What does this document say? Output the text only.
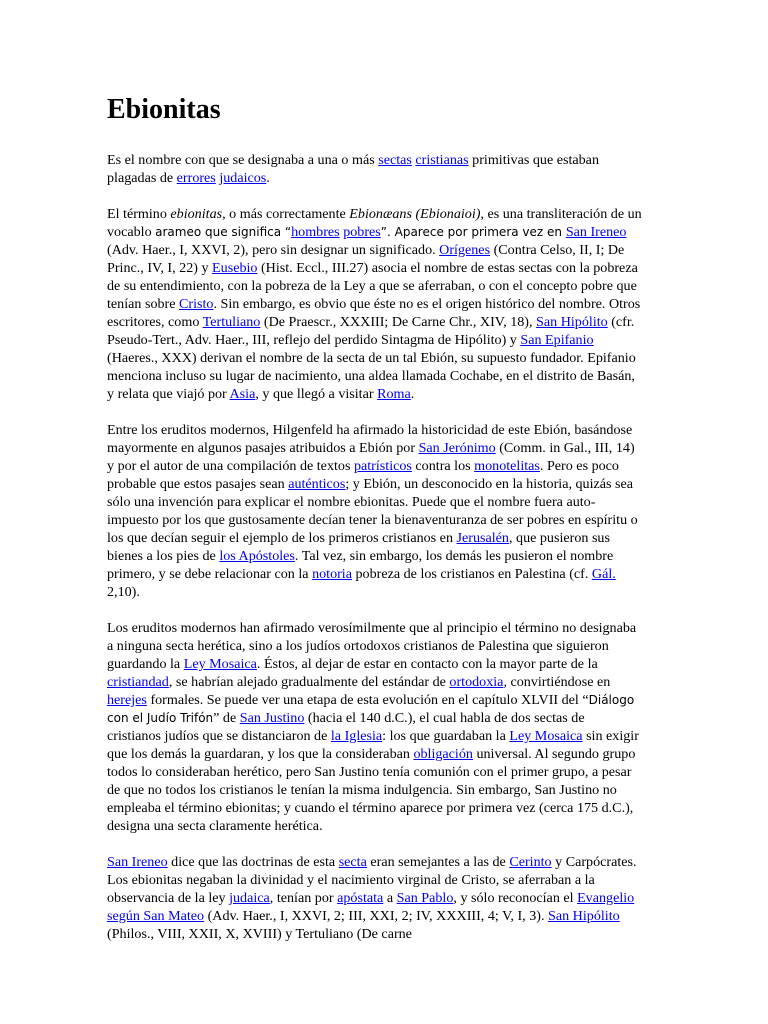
Ebionitas

Es el nombre con que se designaba a una o más sectas cristianas primitivas que estaban plagadas de errores judaicos.

El término ebionitas, o más correctamente Ebionæans (Ebionaioi), es una transliteración de un vocablo arameo que significa “hombres pobres”. Aparece por primera vez en San Ireneo (Adv. Haer., I, XXVI, 2), pero sin designar un significado. Orígenes (Contra Celso, II, I; De Princ., IV, I, 22) y Eusebio (Hist. Eccl., III.27) asocia el nombre de estas sectas con la pobreza de su entendimiento, con la pobreza de la Ley a que se aferraban, o con el concepto pobre que tenían sobre Cristo. Sin embargo, es obvio que éste no es el origen histórico del nombre. Otros escritores, como Tertuliano (De Praescr., XXXIII; De Carne Chr., XIV, 18), San Hipólito (cfr. Pseudo-Tert., Adv. Haer., III, reflejo del perdido Sintagma de Hipólito) y San Epifanio (Haeres., XXX) derivan el nombre de la secta de un tal Ebión, su supuesto fundador. Epifanio menciona incluso su lugar de nacimiento, una aldea llamada Cochabe, en el distrito de Basán, y relata que viajó por Asia, y que llegó a visitar Roma.

Entre los eruditos modernos, Hilgenfeld ha afirmado la historicidad de este Ebión, basándose mayormente en algunos pasajes atribuidos a Ebión por San Jerónimo (Comm. in Gal., III, 14) y por el autor de una compilación de textos patrísticos contra los monotelitas. Pero es poco probable que estos pasajes sean auténticos; y Ebión, un desconocido en la historia, quizás sea sólo una invención para explicar el nombre ebionitas. Puede que el nombre fuera auto-impuesto por los que gustosamente decían tener la bienaventuranza de ser pobres en espíritu o los que decían seguir el ejemplo de los primeros cristianos en Jerusalén, que pusieron sus bienes a los pies de los Apóstoles. Tal vez, sin embargo, los demás les pusieron el nombre primero, y se debe relacionar con la notoria pobreza de los cristianos en Palestina (cf. Gál. 2,10).

Los eruditos modernos han afirmado verosímilmente que al principio el término no designaba a ninguna secta herética, sino a los judíos ortodoxos cristianos de Palestina que siguieron guardando la Ley Mosaica. Éstos, al dejar de estar en contacto con la mayor parte de la cristiandad, se habrían alejado gradualmente del estándar de ortodoxia, convirtiéndose en herejes formales. Se puede ver una etapa de esta evolución en el capítulo XLVII del “Diálogo con el Judío Trifón” de San Justino (hacia el 140 d.C.), el cual habla de dos sectas de cristianos judíos que se distanciaron de la Iglesia: los que guardaban la Ley Mosaica sin exigir que los demás la guardaran, y los que la consideraban obligación universal. Al segundo grupo todos lo consideraban herético, pero San Justino tenía comunión con el primer grupo, a pesar de que no todos los cristianos le tenían la misma indulgencia. Sin embargo, San Justino no empleaba el término ebionitas; y cuando el término aparece por primera vez (cerca 175 d.C.), designa una secta claramente herética.

San Ireneo dice que las doctrinas de esta secta eran semejantes a las de Cerinto y Carpócrates. Los ebionitas negaban la divinidad y el nacimiento virginal de Cristo, se aferraban a la observancia de la ley judaica, tenían por apóstata a San Pablo, y sólo reconocían el Evangelio según San Mateo (Adv. Haer., I, XXVI, 2; III, XXI, 2; IV, XXXIII, 4; V, I, 3). San Hipólito (Philos., VIII, XXII, X, XVIII) y Tertuliano (De carne
